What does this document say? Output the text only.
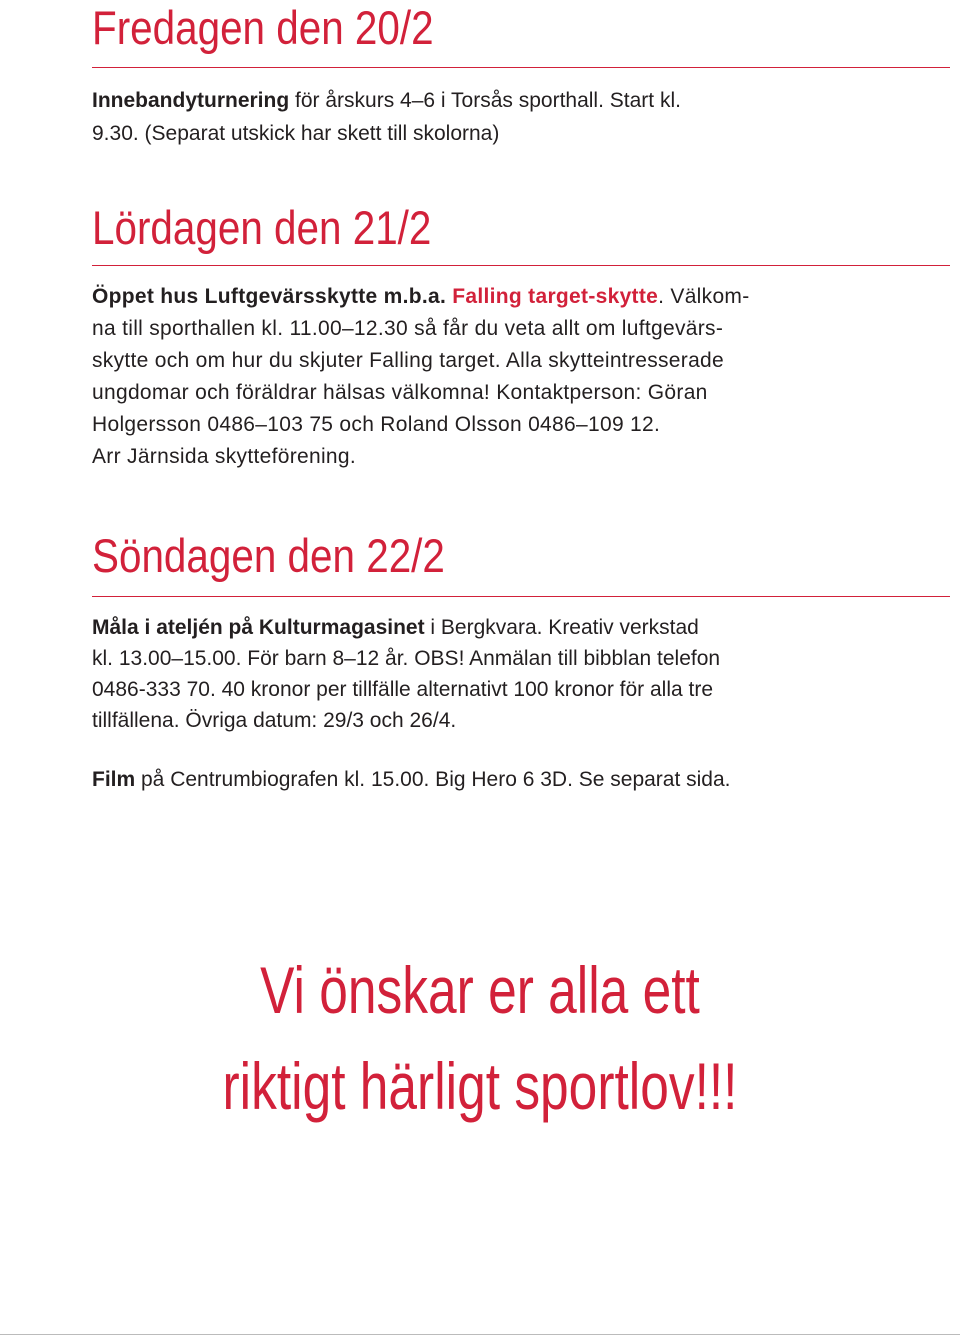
Fredagen den 20/2

Innebandyturnering för årskurs 4–6 i Torsås sporthall. Start kl.
9.30. (Separat utskick har skett till skolorna)

Lördagen den 21/2

Öppet hus Luftgevärsskytte m.b.a. Falling target-skytte. Välkom-
na till sporthallen kl. 11.00–12.30 så får du veta allt om luftgevärs-
skytte och om hur du skjuter Falling target. Alla skytteintresserade
ungdomar och föräldrar hälsas välkomna! Kontaktperson: Göran
Holgersson 0486–103 75 och Roland Olsson 0486–109 12.
Arr Järnsida skytteförening.

Söndagen den 22/2

Måla i ateljén på Kulturmagasinet i Bergkvara. Kreativ verkstad
kl. 13.00–15.00. För barn 8–12 år. OBS! Anmälan till bibblan telefon
0486-333 70. 40 kronor per tillfälle alternativt 100 kronor för alla tre
tillfällena. Övriga datum: 29/3 och 26/4.

Film på Centrumbiografen kl. 15.00. Big Hero 6 3D. Se separat sida.

Vi önskar er alla ett
riktigt härligt sportlov!!!
